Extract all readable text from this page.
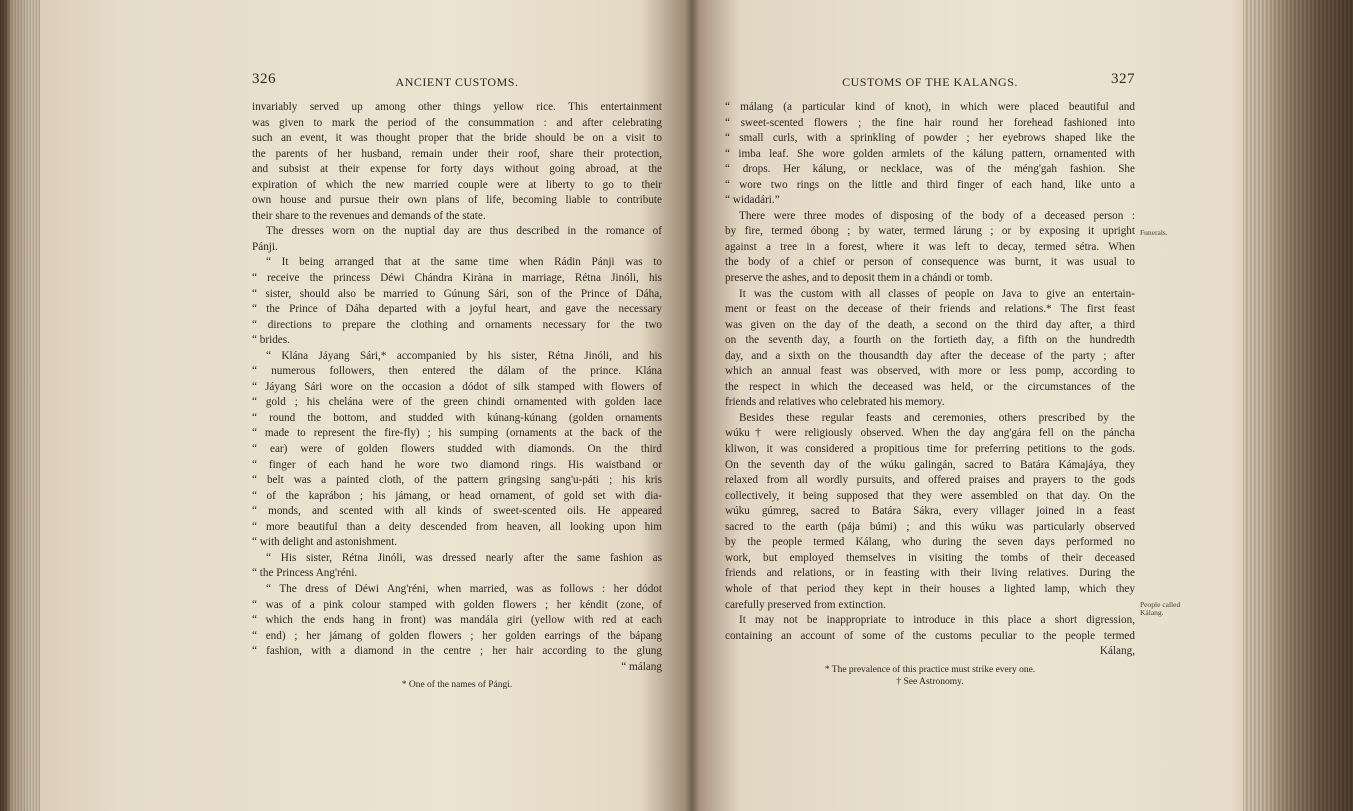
326	ANCIENT CUSTOMS.
invariably served up among other things yellow rice. This entertainment
was given to mark the period of the consummation : and after celebrating
such an event, it was thought proper that the bride should be on a visit to
the parents of her husband, remain under their roof, share their protection,
and subsist at their expense for forty days without going abroad, at the
expiration of which the new married couple were at liberty to go to their
own house and pursue their own plans of life, becoming liable to contribute
their share to the revenues and demands of the state.
The dresses worn on the nuptial day are thus described in the romance of
Pánji.
“ It being arranged that at the same time when Rádin Pánji was to
“ receive the princess Déwi Chándra Kiràna in marriage, Rétna Jinóli, his
“ sister, should also be married to Gúnung Sári, son of the Prince of Dáha,
“ the Prince of Dáha departed with a joyful heart, and gave the necessary
“ directions to prepare the clothing and ornaments necessary for the two
“ brides.
“ Klána Jáyang Sári,* accompanied by his sister, Rétna Jinóli, and his
“ numerous followers, then entered the dálam of the prince. Klána
“ Jáyang Sári wore on the occasion a dódot of silk stamped with flowers of
“ gold ; his chelána were of the green chindi ornamented with golden lace
“ round the bottom, and studded with kúnang-kúnang (golden ornaments
“ made to represent the fire-fly) ; his sumping (ornaments at the back of the
“ ear) were of golden flowers studded with diamonds. On the third
“ finger of each hand he wore two diamond rings. His waistband or
“ belt was a painted cloth, of the pattern gringsing sang'u-páti ; his kris
“ of the kaprábon ; his jámang, or head ornament, of gold set with dia-
“ monds, and scented with all kinds of sweet-scented oils. He appeared
“ more beautiful than a deity descended from heaven, all looking upon him
“ with delight and astonishment.
“ His sister, Rétna Jinóli, was dressed nearly after the same fashion as
“ the Princess Ang'réni.
“ The dress of Déwi Ang'réni, when married, was as follows : her dódot
“ was of a pink colour stamped with golden flowers ; her kéndit (zone, of
“ which the ends hang in front) was mandála giri (yellow with red at each
“ end) ; her jámang of golden flowers ; her golden earrings of the bápang
“ fashion, with a diamond in the centre ; her hair according to the glung
“ málang
* One of the names of Pángi.
CUSTOMS OF THE KALANGS.	327
“ málang (a particular kind of knot), in which were placed beautiful and
“ sweet-scented flowers ; the fine hair round her forehead fashioned into
“ small curls, with a sprinkling of powder ; her eyebrows shaped like the
“ imba leaf. She wore golden armlets of the kálung pattern, ornamented with
“ drops. Her kálung, or necklace, was of the méng'gah fashion. She
“ wore two rings on the little and third finger of each hand, like unto a
“ widadári.”
There were three modes of disposing of the body of a deceased person :
by fire, termed óbong ; by water, termed lárung ; or by exposing it upright
against a tree in a forest, where it was left to decay, termed sétra. When
the body of a chief or person of consequence was burnt, it was usual to
preserve the ashes, and to deposit them in a chándi or tomb.
It was the custom with all classes of people on Java to give an entertain-
ment or feast on the decease of their friends and relations.* The first feast
was given on the day of the death, a second on the third day after, a third
on the seventh day, a fourth on the fortieth day, a fifth on the hundredth
day, and a sixth on the thousandth day after the decease of the party ; after
which an annual feast was observed, with more or less pomp, according to
the respect in which the deceased was held, or the circumstances of the
friends and relatives who celebrated his memory.
Besides these regular feasts and ceremonies, others prescribed by the
wúku† were religiously observed. When the day ang'gára fell on the páncha
kliwon, it was considered a propitious time for preferring petitions to the gods.
On the seventh day of the wúku galingán, sacred to Batára Kámajáya, they
relaxed from all wordly pursuits, and offered praises and prayers to the gods
collectively, it being supposed that they were assembled on that day. On the
wúku gúmreg, sacred to Batára Sákra, every villager joined in a feast
sacred to the earth (pája búmi) ; and this wúku was particularly observed
by the people termed Kálang, who during the seven days performed no
work, but employed themselves in visiting the tombs of their deceased
friends and relations, or in feasting with their living relatives. During the
whole of that period they kept in their houses a lighted lamp, which they
carefully preserved from extinction.
It may not be inappropriate to introduce in this place a short digression,
containing an account of some of the customs peculiar to the people termed
Kálang,
* The prevalence of this practice must strike every one.
† See Astronomy.
Funerals.
People called Kálang.
